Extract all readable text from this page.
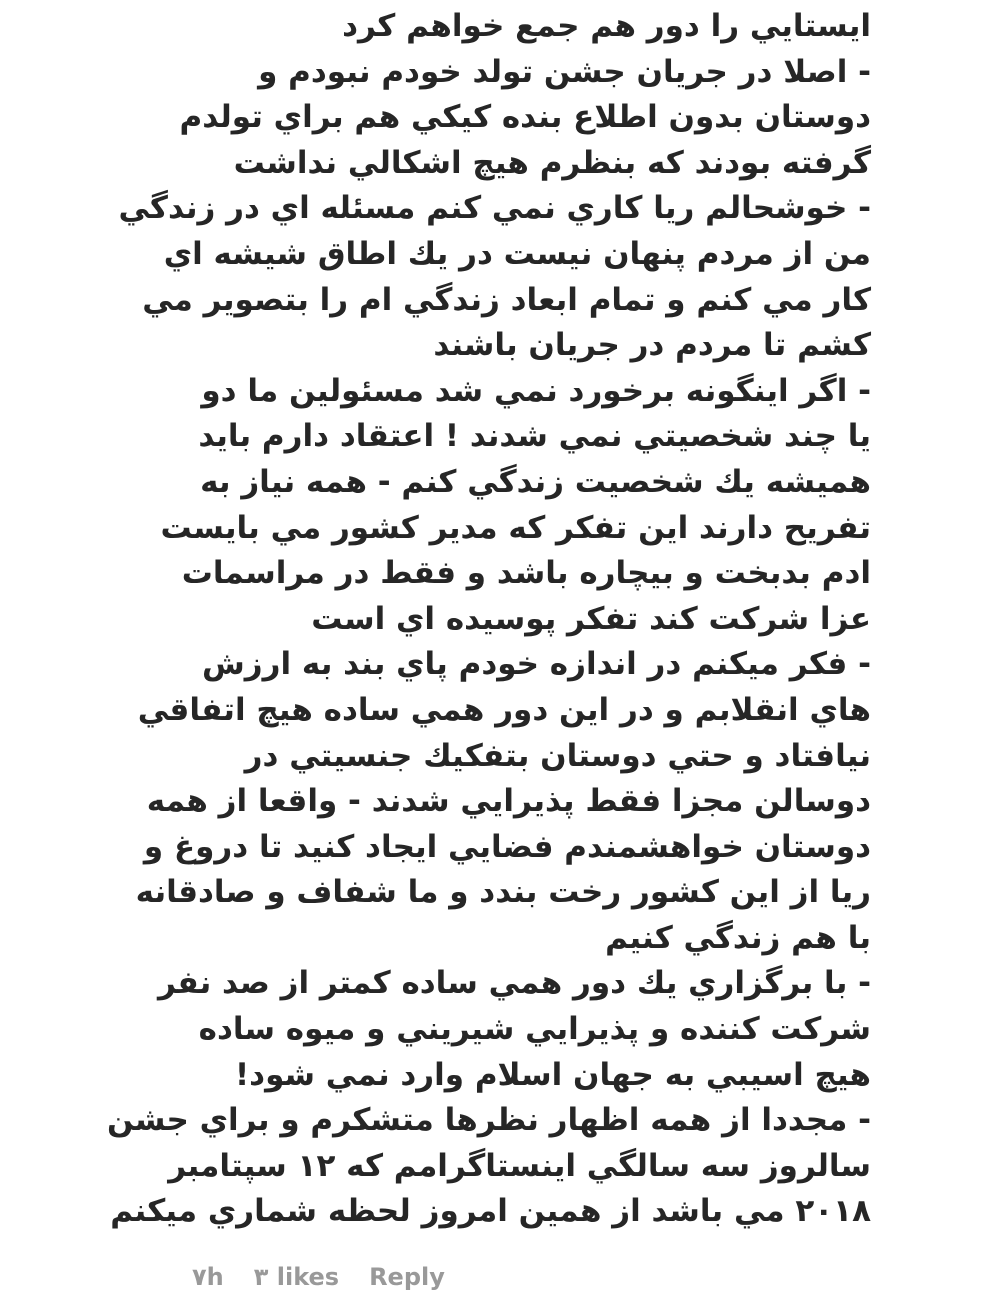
ايستايي را دور هم جمع خواهم كرد
- اصلا در جريان جشن تولد خودم نبودم و
دوستان بدون اطلاع بنده كيكي هم براي تولدم
گرفته بودند كه بنظرم هيچ اشكالي نداشت
- خوشحالم ريا كاري نمي كنم مسئله اي در زندگي
من از مردم پنهان نيست در يك اطاق شيشه اي
كار مي كنم و تمام ابعاد زندگي ام را بتصوير مي
كشم تا مردم در جريان باشند
- اگر اينگونه برخورد نمي شد مسئولين ما دو
يا چند شخصيتي نمي شدند ! اعتقاد دارم بايد
هميشه يك شخصيت زندگي كنم - همه نياز به
تفريح دارند اين تفكر كه مدير كشور مي بايست
ادم بدبخت و بيچاره باشد و فقط در مراسمات
عزا شركت كند تفكر پوسيده اي است
- فكر ميكنم در اندازه خودم پاي بند به ارزش
هاي انقلابم و در اين دور همي ساده هيچ اتفاقي
نيافتاد و حتي دوستان بتفكيك جنسيتي در
دوسالن مجزا فقط پذيرايي شدند - واقعا از همه
دوستان خواهشمندم فضايي ايجاد كنيد تا دروغ و
ريا از اين كشور رخت بندد و ما شفاف و صادقانه
با هم زندگي كنيم
- با برگزاري يك دور همي ساده كمتر از صد نفر
شركت كننده و پذيرايي شيريني و ميوه ساده
هيچ اسيبي به جهان اسلام وارد نمي شود!
- مجددا از همه اظهار نظرها متشكرم و براي جشن
سالروز سه سالگي اينستاگرامم كه ١٢ سپتامبر
٢٠١٨ مي باشد از همين امروز لحظه شماري ميكنم
٧h ٣ likes Reply
